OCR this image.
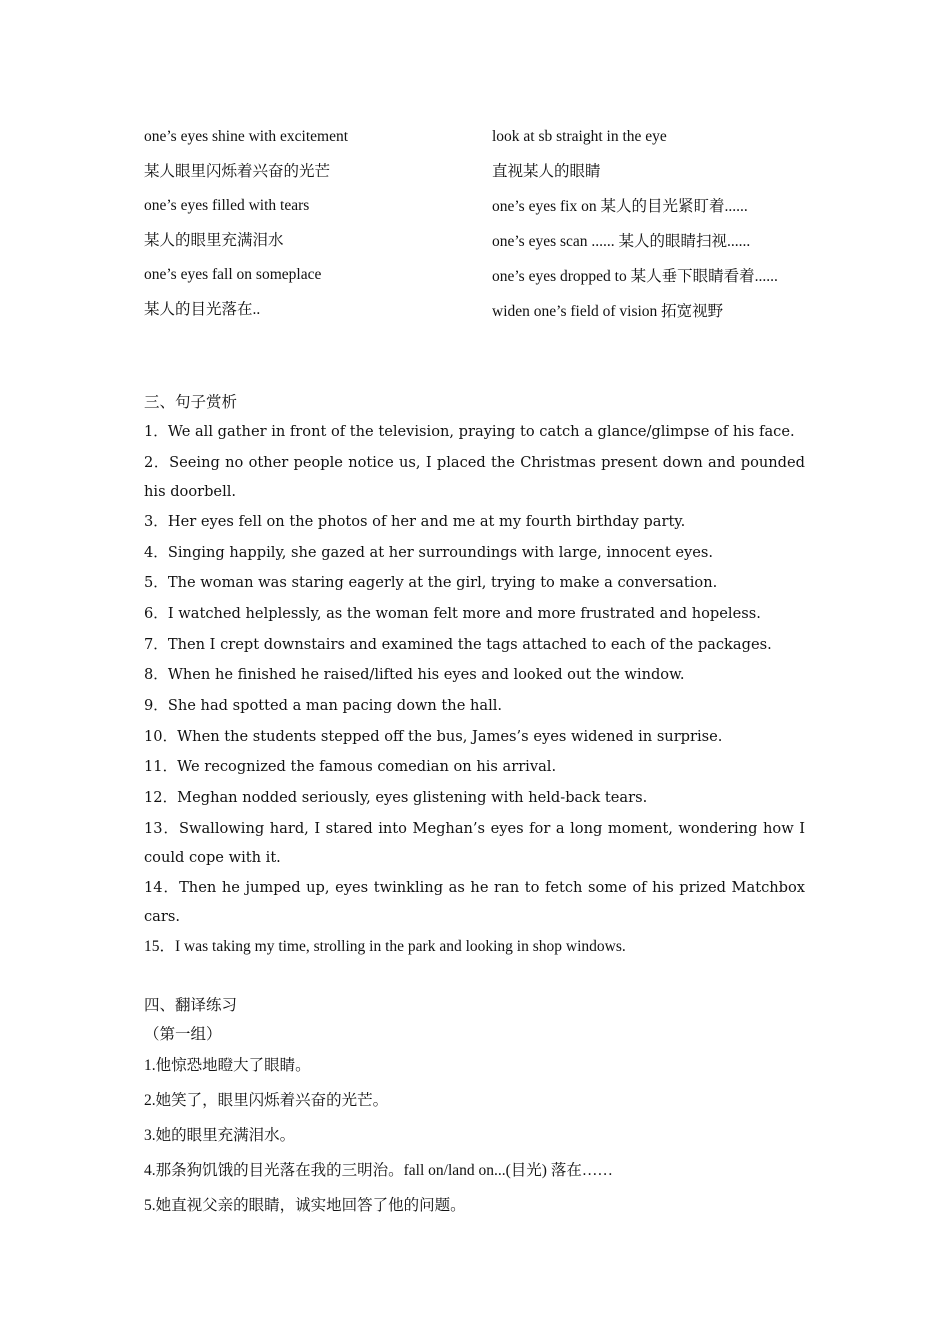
one’s eyes shine with excitement
某人眼里闪烁着兴奋的光芒
one’s eyes filled with tears
某人的眼里充满泪水
one’s eyes fall on someplace
某人的目光落在..
look at sb straight in the eye
直视某人的眼睛
one’s eyes fix on 某人的目光紧盯着......
one’s eyes scan ...... 某人的眼睛扫视......
one’s eyes dropped to 某人垂下眼睛看着......
widen one’s field of vision 拓宽视野
三、句子赏析
1．We all gather in front of the television, praying to catch a glance/glimpse of his face.
2．Seeing no other people notice us, I placed the Christmas present down and pounded
his doorbell.
3．Her eyes fell on the photos of her and me at my fourth birthday party.
4．Singing happily, she gazed at her surroundings with large, innocent eyes.
5．The woman was staring eagerly at the girl, trying to make a conversation.
6．I watched helplessly, as the woman felt more and more frustrated and hopeless.
7．Then I crept downstairs and examined the tags attached to each of the packages.
8．When he finished he raised/lifted his eyes and looked out the window.
9．She had spotted a man pacing down the hall.
10．When the students stepped off the bus, James’s eyes widened in surprise.
11．We recognized the famous comedian on his arrival.
12．Meghan nodded seriously, eyes glistening with held-back tears.
13．Swallowing hard, I stared into Meghan’s eyes for a long moment, wondering how I
could cope with it.
14．Then he jumped up, eyes twinkling as he ran to fetch some of his prized Matchbox
cars.
15．I was taking my time, strolling in the park and looking in shop windows.
四、翻译练习
（第一组）
1.他惊恐地瞪大了眼睛。
2.她笑了，眼里闪烁着兴奋的光芒。
3.她的眼里充满泪水。
4.那条狗饥饿的目光落在我的三明治。fall on/land on...(目光) 落在……
5.她直视父亲的眼睛，诚实地回答了他的问题。
